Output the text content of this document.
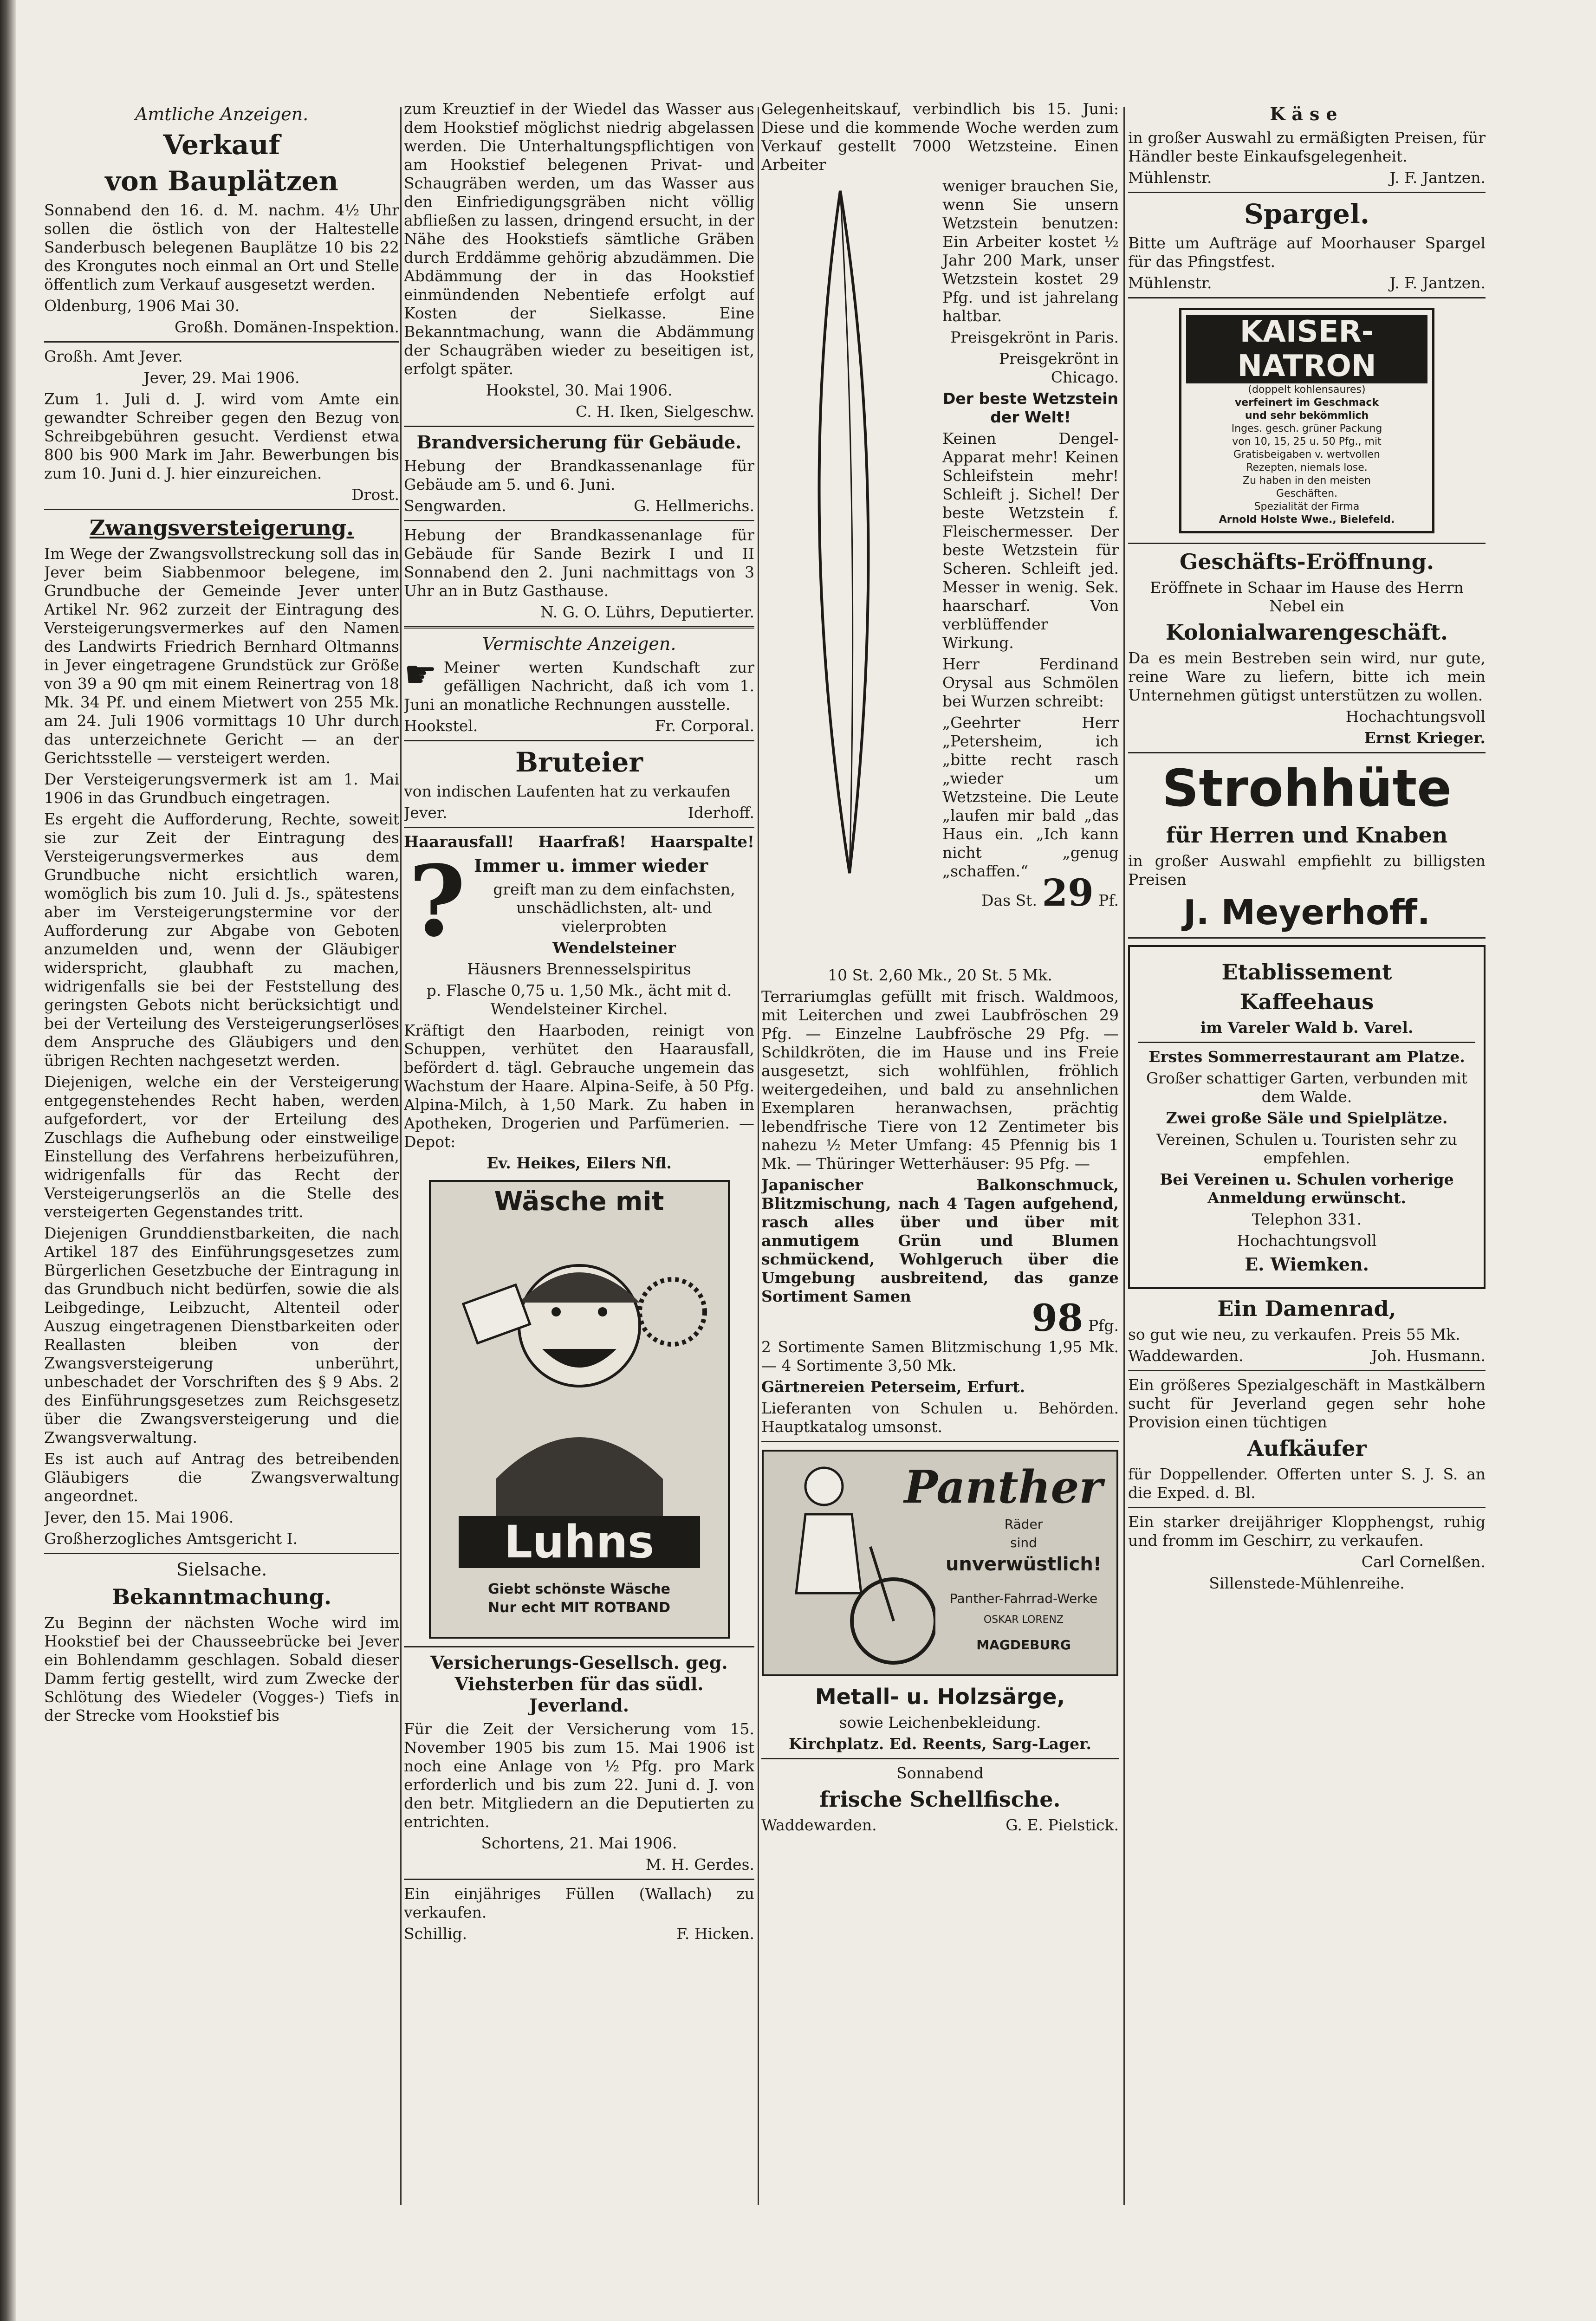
Amtliche Anzeigen.
Verkauf
von Bauplätzen

Sonnabend den 16. d. M. nachm. 4½ Uhr sollen die östlich von der Haltestelle Sanderbusch belegenen Bauplätze 10 bis 22 des Krongutes noch einmal an Ort und Stelle öffentlich zum Verkauf ausgesetzt werden.

Oldenburg, 1906 Mai 30.

Großh. Domänen-Inspektion.

Großh. Amt Jever.

Jever, 29. Mai 1906.

Zum 1. Juli d. J. wird vom Amte ein gewandter Schreiber gegen den Bezug von Schreibgebühren gesucht. Verdienst etwa 800 bis 900 Mark im Jahr. Bewerbungen bis zum 10. Juni d. J. hier einzureichen.

Drost.

Zwangsversteigerung.

Im Wege der Zwangsvollstreckung soll das in Jever beim Siabbenmoor belegene, im Grundbuche der Gemeinde Jever unter Artikel Nr. 962 zurzeit der Eintragung des Versteigerungsvermerkes auf den Namen des Landwirts Friedrich Bernhard Oltmanns in Jever eingetragene Grundstück zur Größe von 39 a 90 qm mit einem Reinertrag von 18 Mk. 34 Pf. und einem Mietwert von 255 Mk. am 24. Juli 1906 vormittags 10 Uhr durch das unterzeichnete Gericht — an der Gerichtsstelle — versteigert werden.

Der Versteigerungsvermerk ist am 1. Mai 1906 in das Grundbuch eingetragen.

Es ergeht die Aufforderung, Rechte, soweit sie zur Zeit der Eintragung des Versteigerungsvermerkes aus dem Grundbuche nicht ersichtlich waren, womöglich bis zum 10. Juli d. Js., spätestens aber im Versteigerungstermine vor der Aufforderung zur Abgabe von Geboten anzumelden und, wenn der Gläubiger widerspricht, glaubhaft zu machen, widrigenfalls sie bei der Feststellung des geringsten Gebots nicht berücksichtigt und bei der Verteilung des Versteigerungserlöses dem Anspruche des Gläubigers und den übrigen Rechten nachgesetzt werden.

Diejenigen, welche ein der Versteigerung entgegenstehendes Recht haben, werden aufgefordert, vor der Erteilung des Zuschlags die Aufhebung oder einstweilige Einstellung des Verfahrens herbeizuführen, widrigenfalls für das Recht der Versteigerungserlös an die Stelle des versteigerten Gegenstandes tritt.

Diejenigen Grunddienstbarkeiten, die nach Artikel 187 des Einführungsgesetzes zum Bürgerlichen Gesetzbuche der Eintragung in das Grundbuch nicht bedürfen, sowie die als Leibgedinge, Leibzucht, Altenteil oder Auszug eingetragenen Dienstbarkeiten oder Reallasten bleiben von der Zwangsversteigerung unberührt, unbeschadet der Vorschriften des § 9 Abs. 2 des Einführungsgesetzes zum Reichsgesetz über die Zwangsversteigerung und die Zwangsverwaltung.

Es ist auch auf Antrag des betreibenden Gläubigers die Zwangsverwaltung angeordnet.

Jever, den 15. Mai 1906.

Großherzogliches Amtsgericht I.

Sielsache.
Bekanntmachung.

Zu Beginn der nächsten Woche wird im Hookstief bei der Chausseebrücke bei Jever ein Bohlendamm geschlagen. Sobald dieser Damm fertig gestellt, wird zum Zwecke der Schlötung des Wiedeler (Vogges-) Tiefs in der Strecke vom Hookstief bis

zum Kreuztief in der Wiedel das Wasser aus dem Hookstief möglichst niedrig abgelassen werden. Die Unterhaltungspflichtigen von am Hookstief belegenen Privat- und Schaugräben werden, um das Wasser aus den Einfriedigungsgräben nicht völlig abfließen zu lassen, dringend ersucht, in der Nähe des Hookstiefs sämtliche Gräben durch Erddämme gehörig abzudämmen. Die Abdämmung der in das Hookstief einmündenden Nebentiefe erfolgt auf Kosten der Sielkasse. Eine Bekanntmachung, wann die Abdämmung der Schaugräben wieder zu beseitigen ist, erfolgt später.

Hookstel, 30. Mai 1906.

C. H. Iken, Sielgeschw.

Brandversicherung für Gebäude.

Hebung der Brandkassenanlage für Gebäude am 5. und 6. Juni.

Sengwarden.	G. Hellmerichs.

Hebung der Brandkassenanlage für Gebäude für Sande Bezirk I und II Sonnabend den 2. Juni nachmittags von 3 Uhr an in Butz Gasthause.

N. G. O. Lührs, Deputierter.

Vermischte Anzeigen.

☛ Meiner werten Kundschaft zur gefälligen Nachricht, daß ich vom 1. Juni an monatliche Rechnungen ausstelle.

Hookstel.	Fr. Corporal.
Bruteier

von indischen Laufenten hat zu verkaufen

Jever.	Iderhoff.
Haarausfall! Haarfraß! Haarspalte!
? Immer u. immer wieder

greift man zu dem einfachsten, unschädlichsten, alt- und vielerprobten

Wendelsteiner

Häusners Brennesselspiritus

p. Flasche 0,75 u. 1,50 Mk., ächt mit d. Wendelsteiner Kirchel.

Kräftigt den Haarboden, reinigt von Schuppen, verhütet den Haarausfall, befördert d. tägl. Gebrauche ungemein das Wachstum der Haare. Alpina-Seife, à 50 Pfg. Alpina-Milch, à 1,50 Mark. Zu haben in Apotheken, Drogerien und Parfümerien. — Depot:

Ev. Heikes, Eilers Nfl.

Wäsche mit
Luhns
Giebt schönste Wäsche
Nur echt MIT ROTBAND
Versicherungs-Gesellsch. geg. Viehsterben für das südl. Jeverland.

Für die Zeit der Versicherung vom 15. November 1905 bis zum 15. Mai 1906 ist noch eine Anlage von ½ Pfg. pro Mark erforderlich und bis zum 22. Juni d. J. von den betr. Mitgliedern an die Deputierten zu entrichten.

Schortens, 21. Mai 1906.

M. H. Gerdes.

Ein einjähriges Füllen (Wallach) zu verkaufen.

Schillig.	F. Hicken.

Gelegenheitskauf, verbindlich bis 15. Juni: Diese und die kommende Woche werden zum Verkauf gestellt 7000 Wetzsteine. Einen Arbeiter

weniger brauchen Sie, wenn Sie unsern Wetzstein benutzen: Ein Arbeiter kostet ½ Jahr 200 Mark, unser Wetzstein kostet 29 Pfg. und ist jahrelang haltbar.

Preisgekrönt in Paris.

Preisgekrönt in Chicago.

Der beste Wetzstein der Welt!

Keinen Dengel-Apparat mehr! Keinen Schleifstein mehr! Schleift j. Sichel! Der beste Wetzstein f. Fleischermesser. Der beste Wetzstein für Scheren. Schleift jed. Messer in wenig. Sek. haarscharf. Von verblüffender Wirkung.

Herr Ferdinand Orysal aus Schmölen bei Wurzen schreibt:

„Geehrter Herr „Petersheim, ich „bitte recht rasch „wieder um Wetzsteine. Die Leute „laufen mir bald „das Haus ein. „Ich kann nicht „genug „schaffen.“

Das St. 29 Pf.

10 St. 2,60 Mk., 20 St. 5 Mk.

Terrariumglas gefüllt mit frisch. Waldmoos, mit Leiterchen und zwei Laubfröschen 29 Pfg. — Einzelne Laubfrösche 29 Pfg. — Schildkröten, die im Hause und ins Freie ausgesetzt, sich wohlfühlen, fröhlich weitergedeihen, und bald zu ansehnlichen Exemplaren heranwachsen, prächtig lebendfrische Tiere von 12 Zentimeter bis nahezu ½ Meter Umfang: 45 Pfennig bis 1 Mk. — Thüringer Wetterhäuser: 95 Pfg. —

Japanischer Balkonschmuck, Blitzmischung, nach 4 Tagen aufgehend, rasch alles über und über mit anmutigem Grün und Blumen schmückend, Wohlgeruch über die Umgebung ausbreitend, das ganze Sortiment Samen	98 Pfg.

2 Sortimente Samen Blitzmischung 1,95 Mk. — 4 Sortimente 3,50 Mk.

Gärtnereien Peterseim, Erfurt.

Lieferanten von Schulen u. Behörden. Hauptkatalog umsonst.

Panther
Räder
sind
unverwüstlich!
Panther-Fahrrad-Werke
OSKAR LORENZ
MAGDEBURG
Metall- u. Holzsärge,

sowie Leichenbekleidung.

Kirchplatz. Ed. Reents, Sarg-Lager.

Sonnabend

frische Schellfische.
Waddewarden.	G. E. Pielstick.
Käse

in großer Auswahl zu ermäßigten Preisen, für Händler beste Einkaufsgelegenheit.

Mühlenstr.	J. F. Jantzen.
Spargel.

Bitte um Aufträge auf Moorhauser Spargel für das Pfingstfest.

Mühlenstr.	J. F. Jantzen.
KAISER-
NATRON
(doppelt kohlensaures)
verfeinert im Geschmack
und sehr bekömmlich
Inges. gesch. grüner Packung
von 10, 15, 25 u. 50 Pfg., mit
Gratisbeigaben v. wertvollen
Rezepten, niemals lose.
Zu haben in den meisten
Geschäften.
Spezialität der Firma
Arnold Holste Wwe., Bielefeld.
Geschäfts-Eröffnung.

Eröffnete in Schaar im Hause des Herrn Nebel ein

Kolonialwarengeschäft.

Da es mein Bestreben sein wird, nur gute, reine Ware zu liefern, bitte ich mein Unternehmen gütigst unterstützen zu wollen.

Hochachtungsvoll

Ernst Krieger.

Strohhüte
für Herren und Knaben

in großer Auswahl empfiehlt zu billigsten Preisen

J. Meyerhoff.
Etablissement
Kaffeehaus

im Vareler Wald b. Varel.

Erstes Sommerrestaurant am Platze.

Großer schattiger Garten, verbunden mit dem Walde.

Zwei große Säle und Spielplätze.

Vereinen, Schulen u. Touristen sehr zu empfehlen.

Bei Vereinen u. Schulen vorherige Anmeldung erwünscht.

Telephon 331.

Hochachtungsvoll

E. Wiemken.
Ein Damenrad,

so gut wie neu, zu verkaufen. Preis 55 Mk.

Waddewarden.	Joh. Husmann.

Ein größeres Spezialgeschäft in Mastkälbern sucht für Jeverland gegen sehr hohe Provision einen tüchtigen

Aufkäufer

für Doppellender. Offerten unter S. J. S. an die Exped. d. Bl.

Ein starker dreijähriger Klopphengst, ruhig und fromm im Geschirr, zu verkaufen.

Carl Cornelßen.

Sillenstede-Mühlenreihe.
